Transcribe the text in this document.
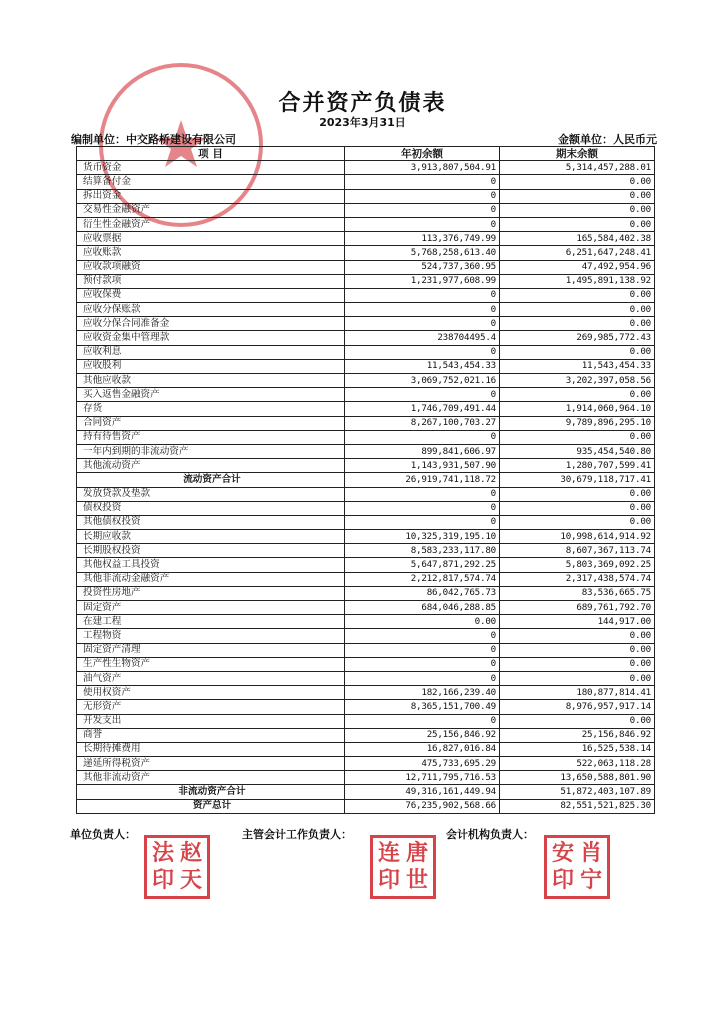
合并资产负债表
2023年3月31日
编制单位：中交路桥建设有限公司	金额单位：人民币元
项 目	年初余额	期末余额
货币资金	3,913,807,504.91	5,314,457,288.01
结算备付金	0	0.00
拆出资金	0	0.00
交易性金融资产	0	0.00
衍生性金融资产	0	0.00
应收票据	113,376,749.99	165,584,402.38
应收账款	5,768,258,613.40	6,251,647,248.41
应收款项融资	524,737,360.95	47,492,954.96
预付款项	1,231,977,608.99	1,495,891,138.92
应收保费	0	0.00
应收分保账款	0	0.00
应收分保合同准备金	0	0.00
应收资金集中管理款	238704495.4	269,985,772.43
应收利息	0	0.00
应收股利	11,543,454.33	11,543,454.33
其他应收款	3,069,752,021.16	3,202,397,058.56
买入返售金融资产	0	0.00
存货	1,746,709,491.44	1,914,060,964.10
合同资产	8,267,100,703.27	9,789,896,295.10
持有待售资产	0	0.00
一年内到期的非流动资产	899,841,606.97	935,454,540.80
其他流动资产	1,143,931,507.90	1,280,707,599.41
流动资产合计	26,919,741,118.72	30,679,118,717.41
发放贷款及垫款	0	0.00
债权投资	0	0.00
其他债权投资	0	0.00
长期应收款	10,325,319,195.10	10,998,614,914.92
长期股权投资	8,583,233,117.80	8,607,367,113.74
其他权益工具投资	5,647,871,292.25	5,803,369,092.25
其他非流动金融资产	2,212,817,574.74	2,317,438,574.74
投资性房地产	86,042,765.73	83,536,665.75
固定资产	684,046,288.85	689,761,792.70
在建工程	0.00	144,917.00
工程物资	0	0.00
固定资产清理	0	0.00
生产性生物资产	0	0.00
油气资产	0	0.00
使用权资产	182,166,239.40	180,877,814.41
无形资产	8,365,151,700.49	8,976,957,917.14
开发支出	0	0.00
商誉	25,156,846.92	25,156,846.92
长期待摊费用	16,827,016.84	16,525,538.14
递延所得税资产	475,733,695.29	522,063,118.28
其他非流动资产	12,711,795,716.53	13,650,588,801.90
非流动资产合计	49,316,161,449.94	51,872,403,107.89
资产总计	76,235,902,568.66	82,551,521,825.30
单位负责人：	主管会计工作负责人：	会计机构负责人：
法 赵
印 天
连 唐
印 世
安 肖
印 宁
